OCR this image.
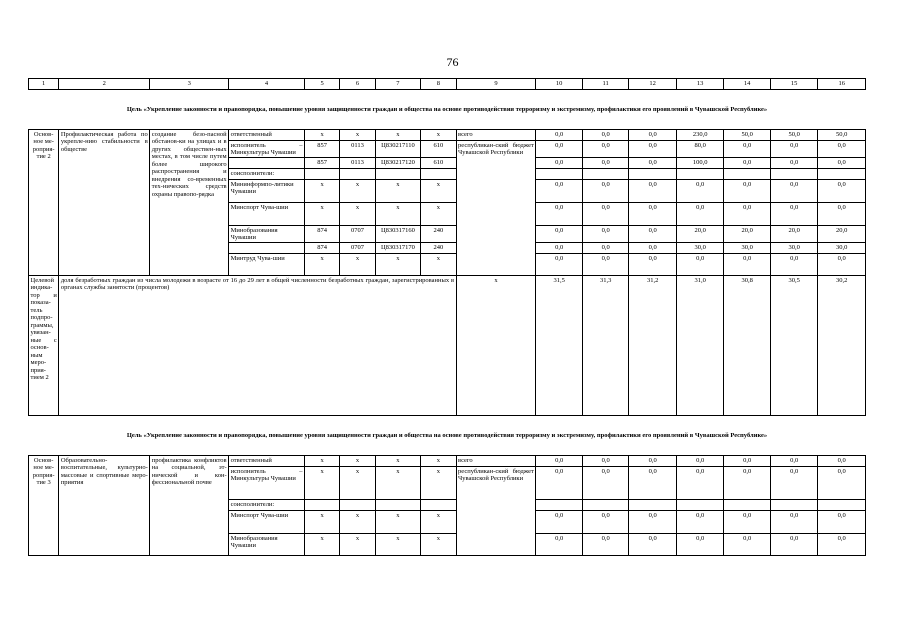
76
1	2	3	4	5	6	7	8	9	10	11	12	13	14	15	16
Цель «Укрепление законности и правопорядка, повышение уровня защищенности граждан и общества на основе противодействия терроризму и экстремизму, профилактики его проявлений в Чувашской Республике»															
Основ-ное ме-роприя-тие 2	Профилактическая работа по укрепле-нию стабильности в обществе	создание безо-пасной обстанов-ки на улицах и в других обществен-ных местах, в том числе путем более широкого распространения и внедрения со-временных тех-нических средств охраны правопо-рядка	ответственный	x	x	x	x	всего	0,0	0,0	0,0	230,0	50,0	50,0	50,0
			исполнитель – Минкультуры Чувашии	857	0113	Ц830217110	610	республикан-ский бюджет Чувашской Республики	0,0	0,0	0,0	80,0	0,0	0,0	0,0
				857	0113	Ц830217120	610		0,0	0,0	0,0	100,0	0,0	0,0	0,0
			соисполнители:												
			Мининформпо-литики Чувашии	x	x	x	x		0,0	0,0	0,0	0,0	0,0	0,0	0,0
			Минспорт Чува-шии	x	x	x	x		0,0	0,0	0,0	0,0	0,0	0,0	0,0
			Минобразования Чувашии	874	0707	Ц830317160	240		0,0	0,0	0,0	20,0	20,0	20,0	20,0
				874	0707	Ц830317170	240		0,0	0,0	0,0	30,0	30,0	30,0	30,0
			Минтруд Чува-шии	x	x	x	x		0,0	0,0	0,0	0,0	0,0	0,0	0,0
Целевой индика-тор и показа-тель подпро-граммы, увязан-ные с основ-ным меро-прия-тием 2	доля безработных граждан из числа молодежи в возрасте от 16 до 29 лет в общей численности безработных граждан, зарегистрированных в органах службы занятости (процентов)							x	31,5	31,3	31,2	31,0	30,8	30,5	30,2
Цель «Укрепление законности и правопорядка, повышение уровня защищенности граждан и общества на основе противодействия терроризму и экстремизму, профилактики его проявлений в Чувашской Республике»															
Основ-ное ме-роприя-тие 3	Образовательно-воспитательные, культурно-массовые и спортивные меро-приятия	профилактика конфликтов на социальной, эт-нической и кон-фессиональной почве	ответственный	x	x	x	x	всего	0,0	0,0	0,0	0,0	0,0	0,0	0,0
			исполнитель – Минкультуры Чувашии	x	x	x	x	республикан-ский бюджет Чувашской Республики	0,0	0,0	0,0	0,0	0,0	0,0	0,0
			соисполнители:												
			Минспорт Чува-шии	x	x	x	x		0,0	0,0	0,0	0,0	0,0	0,0	0,0
			Минобразования Чувашии	x	x	x	x		0,0	0,0	0,0	0,0	0,0	0,0	0,0
